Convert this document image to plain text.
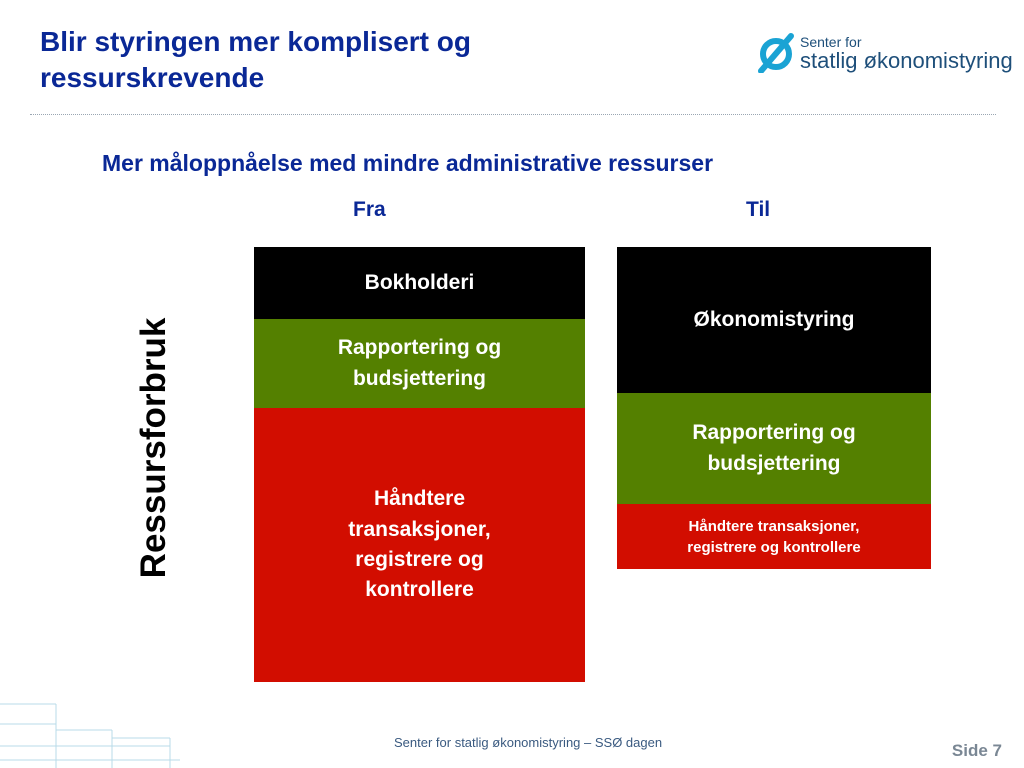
Blir styringen mer komplisert og ressurskrevende
Senter for
statlig økonomistyring
Mer måloppnåelse med mindre administrative ressurser
Fra	Til
Ressursforbruk
Bokholderi
Rapportering og budsjettering
Håndtere transaksjoner, registrere og kontrollere
Økonomistyring
Rapportering og budsjettering
Håndtere transaksjoner, registrere og kontrollere
Senter for statlig økonomistyring – SSØ dagen	Side 7
